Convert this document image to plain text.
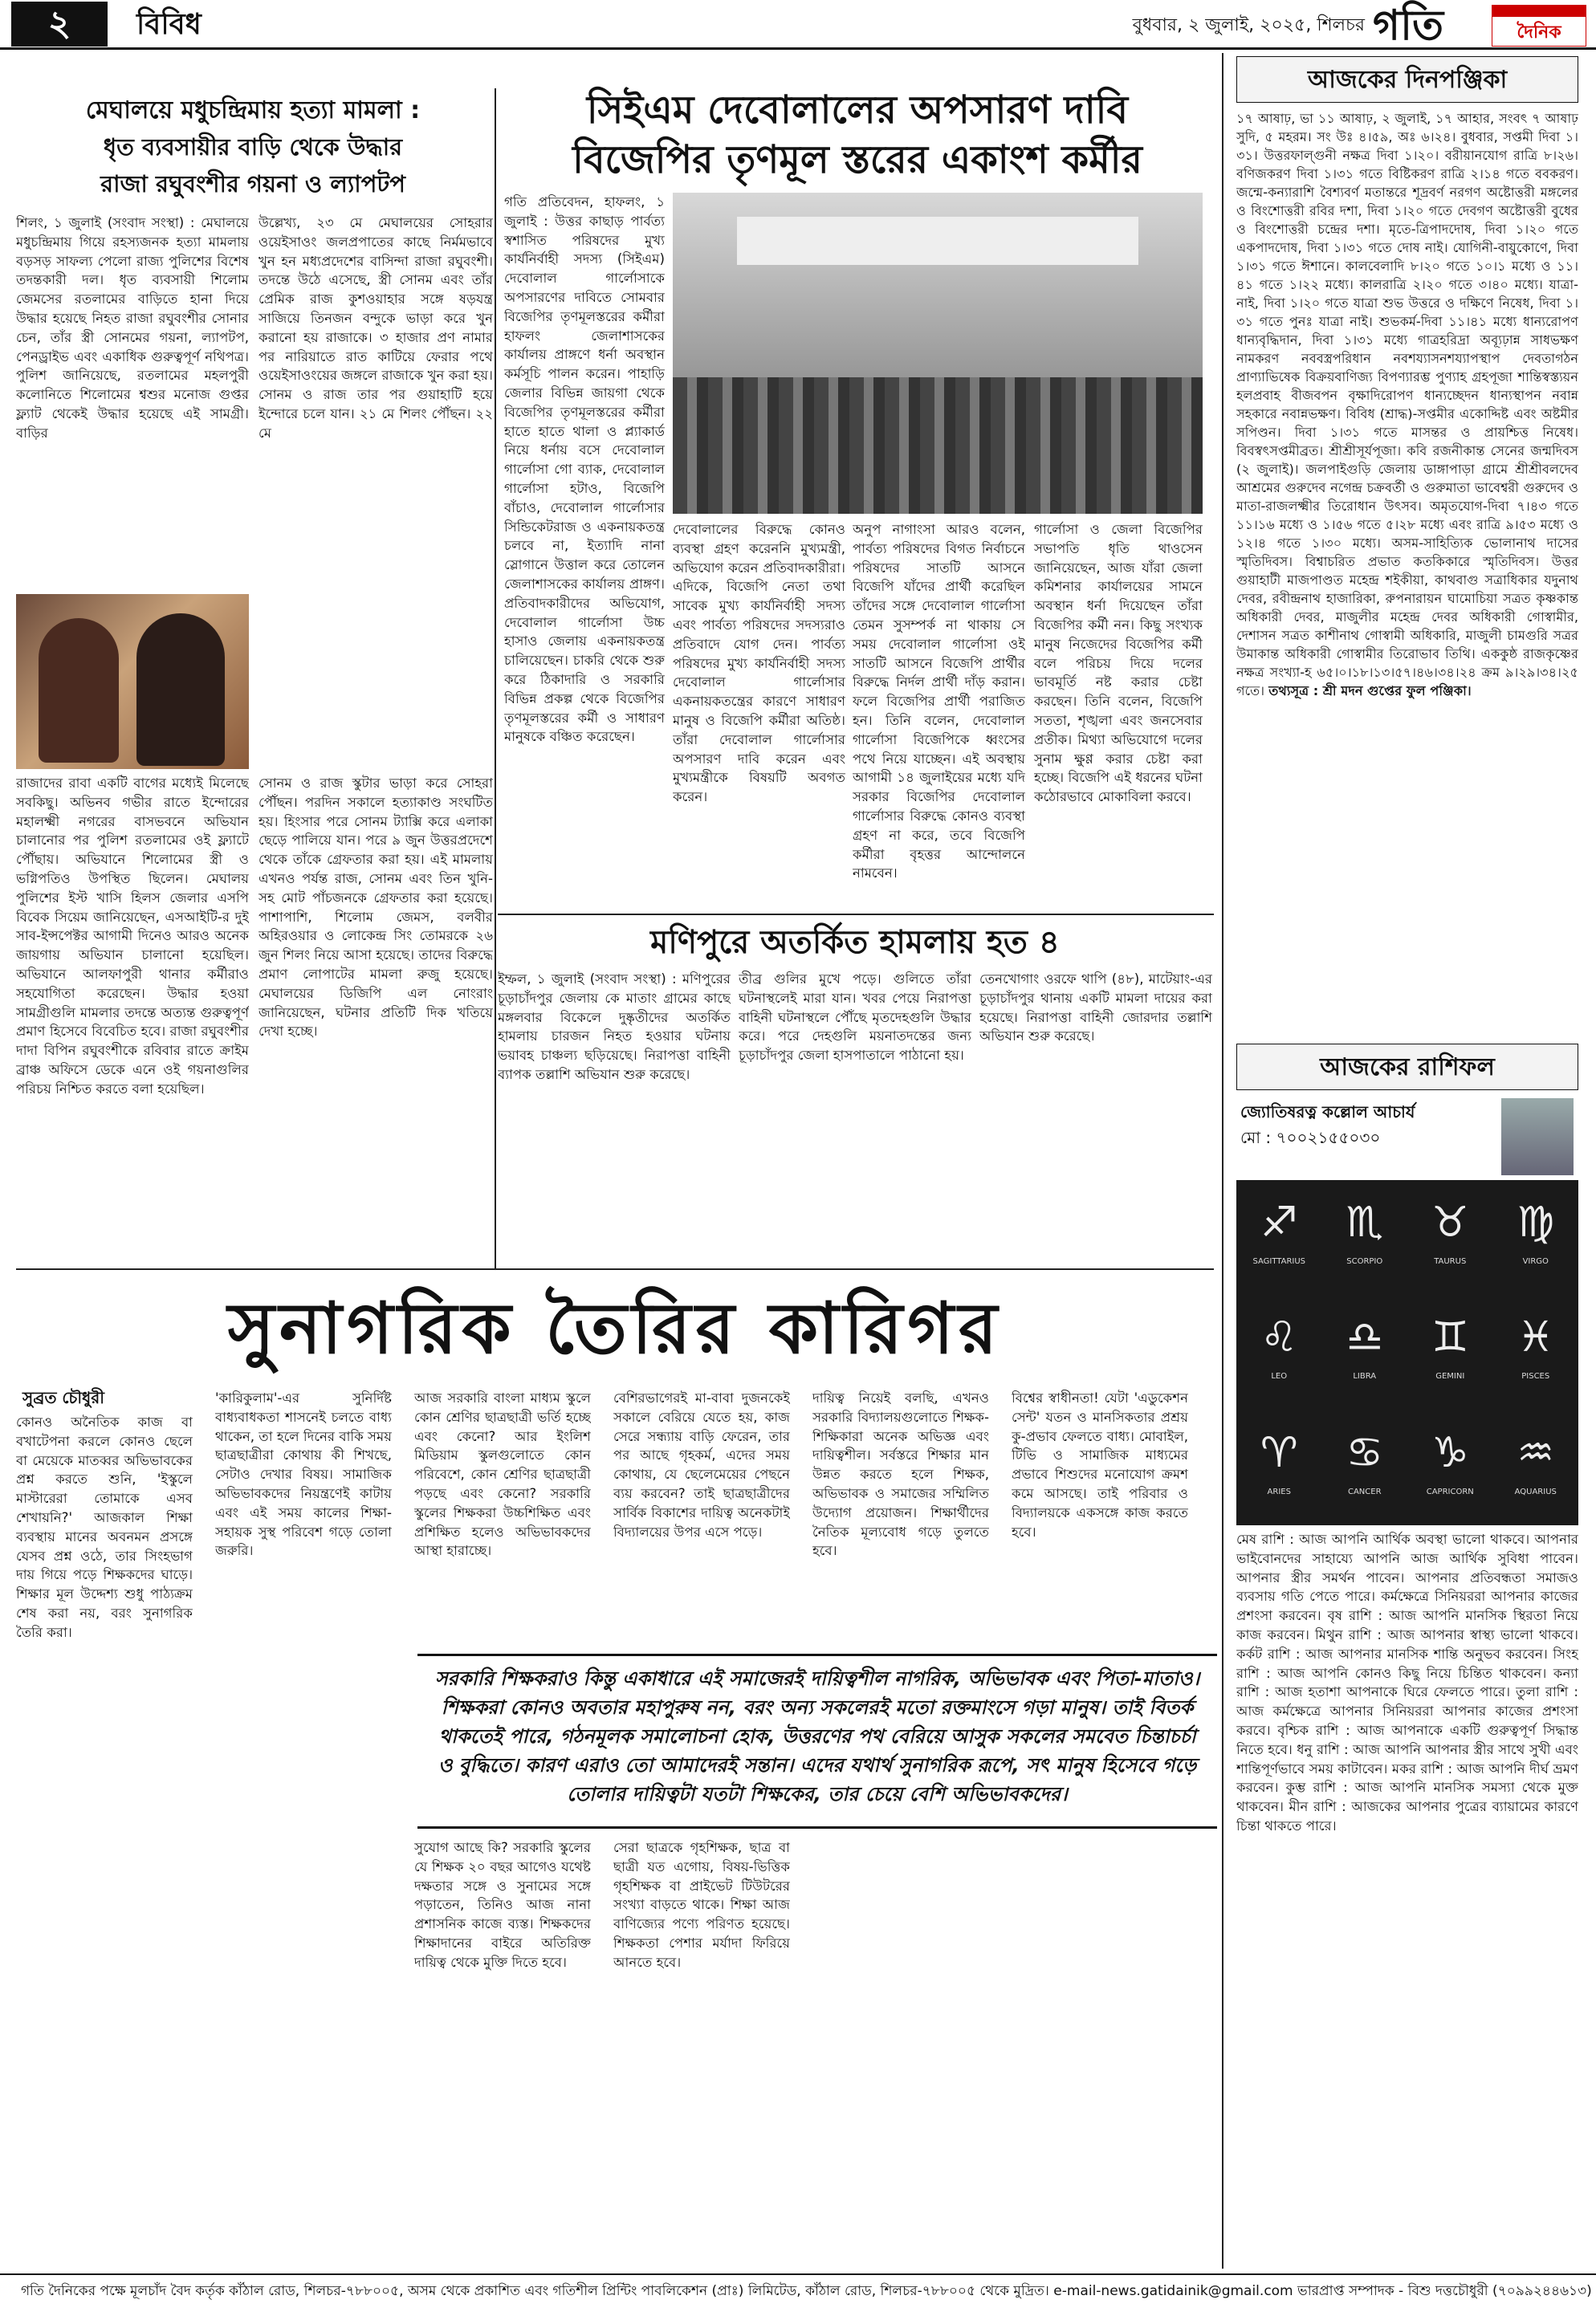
২	বিবিধ	বুধবার, ২ জুলাই, ২০২৫, শিলচর গতি	দৈনিক
মেঘালয়ে মধুচন্দ্রিমায় হত্যা মামলা :
ধৃত ব্যবসায়ীর বাড়ি থেকে উদ্ধার
রাজা রঘুবংশীর গয়না ও ল্যাপটপ
শিলং, ১ জুলাই (সংবাদ সংস্থা) : মেঘালয়ে মধুচন্দ্রিমায় গিয়ে রহস্যজনক হত্যা মামলায় বড়সড় সাফল্য পেলো রাজ্য পুলিশের বিশেষ তদন্তকারী দল। ধৃত ব্যবসায়ী শিলোম জেমসের রতলামের বাড়িতে হানা দিয়ে উদ্ধার হয়েছে নিহত রাজা রঘুবংশীর সোনার চেন, তাঁর স্ত্রী সোনমের গয়না, ল্যাপটপ, পেনড্রাইভ এবং একাধিক গুরুত্বপূর্ণ নথিপত্র। পুলিশ জানিয়েছে, রতলামের মহলপুরী কলোনিতে শিলোমের শ্বশুর মনোজ গুপ্তর ফ্ল্যাট থেকেই উদ্ধার হয়েছে এই সামগ্রী। বাড়ির
উল্লেখ্য, ২৩ মে মেঘালয়ের সোহরার ওয়েইসাওং জলপ্রপাতের কাছে নির্মমভাবে খুন হন মধ্যপ্রদেশের বাসিন্দা রাজা রঘুবংশী। তদন্তে উঠে এসেছে, স্ত্রী সোনম এবং তাঁর প্রেমিক রাজ কুশওয়াহার সঙ্গে ষড়যন্ত্র সাজিয়ে তিনজন বন্দুকে ভাড়া করে খুন করানো হয় রাজাকে। ৩ হাজার প্রণ নামার পর নারিয়াতে রাত কাটিয়ে ফেরার পথে ওয়েইসাওংয়ের জঙ্গলে রাজাকে খুন করা হয়। সোনম ও রাজ তার পর গুয়াহাটি হয়ে ইন্দোরে চলে যান। ২১ মে শিলং পৌঁছন। ২২ মে
রাজাদের রাবা একটি বাগের মধ্যেই মিলেছে সবকিছু। অভিনব গভীর রাতে ইন্দোরের মহালক্ষ্মী নগরের বাসভবনে অভিযান চালানোর পর পুলিশ রতলামের ওই ফ্ল্যাটে পৌঁছায়। অভিযানে শিলোমের স্ত্রী ও ভগ্নিপতিও উপস্থিত ছিলেন। মেঘালয় পুলিশের ইস্ট খাসি হিলস জেলার এসপি বিবেক সিয়েম জানিয়েছেন, এসআইটি-র দুই সাব-ইন্সপেক্টর আগামী দিনেও আরও অনেক জায়গায় অভিযান চালানো হয়েছিল। অভিযানে আলফাপুরী থানার কর্মীরাও সহযোগিতা করেছেন। উদ্ধার হওয়া সামগ্রীগুলি মামলার তদন্তে অত্যন্ত গুরুত্বপূর্ণ প্রমাণ হিসেবে বিবেচিত হবে। রাজা রঘুবংশীর দাদা বিপিন রঘুবংশীকে রবিবার রাতে ক্রাইম ব্রাঞ্চ অফিসে ডেকে এনে ওই গয়নাগুলির পরিচয় নিশ্চিত করতে বলা হয়েছিল।
সোনম ও রাজ স্কুটার ভাড়া করে সোহরা পৌঁছন। পরদিন সকালে হত্যাকাণ্ড সংঘটিত হয়। হিংসার পরে সোনম ট্যাক্সি করে এলাকা ছেড়ে পালিয়ে যান। পরে ৯ জুন উত্তরপ্রদেশে থেকে তাঁকে গ্রেফতার করা হয়। এই মামলায় এখনও পর্যন্ত রাজ, সোনম এবং তিন খুনি-সহ মোট পাঁচজনকে গ্রেফতার করা হয়েছে। পাশাপাশি, শিলোম জেমস, বলবীর অহিরওয়ার ও লোকেন্দ্র সিং তোমরকে ২৬ জুন শিলং নিয়ে আসা হয়েছে। তাদের বিরুদ্ধে প্রমাণ লোপাটের মামলা রুজু হয়েছে। মেঘালয়ের ডিজিপি এল নোংরাং জানিয়েছেন, ঘটনার প্রতিটি দিক খতিয়ে দেখা হচ্ছে।
সিইএম দেবোলালের অপসারণ দাবি
বিজেপির তৃণমূল স্তরের একাংশ কর্মীর
গতি প্রতিবেদন, হাফলং, ১ জুলাই : উত্তর কাছাড় পার্বত্য স্বশাসিত পরিষদের মুখ্য কার্যনির্বাহী সদস্য (সিইএম) দেবোলাল গার্লোসাকে অপসারণের দাবিতে সোমবার বিজেপির তৃণমূলস্তরের কর্মীরা হাফলং জেলাশাসকের কার্যালয় প্রাঙ্গণে ধর্না অবস্থান কর্মসূচি পালন করেন। পাহাড়ি জেলার বিভিন্ন জায়গা থেকে বিজেপির তৃণমূলস্তরের কর্মীরা হাতে হাতে থালা ও প্ল্যাকার্ড নিয়ে ধর্নায় বসে দেবোলাল গার্লোসা গো ব্যাক, দেবোলাল গার্লোসা হটাও, বিজেপি বাঁচাও, দেবোলাল গার্লোসার সিন্ডিকেটরাজ ও একনায়কতন্ত্র চলবে না, ইত্যাদি নানা স্লোগানে উত্তাল করে তোলেন জেলাশাসকের কার্যালয় প্রাঙ্গণ। প্রতিবাদকারীদের অভিযোগ, দেবোলাল গার্লোসা উচ্চ হাসাও জেলায় একনায়কতন্ত্র চালিয়েছেন। চাকরি থেকে শুরু করে ঠিকাদারি ও সরকারি বিভিন্ন প্রকল্প থেকে বিজেপির তৃণমূলস্তরের কর্মী ও সাধারণ মানুষকে বঞ্চিত করেছেন।
দেবোলালের বিরুদ্ধে কোনও ব্যবস্থা গ্রহণ করেননি মুখ্যমন্ত্রী, অভিযোগ করেন প্রতিবাদকারীরা। এদিকে, বিজেপি নেতা তথা সাবেক মুখ্য কার্যনির্বাহী সদস্য এবং পার্বত্য পরিষদের সদস্যরাও প্রতিবাদে যোগ দেন। পার্বত্য পরিষদের মুখ্য কার্যনির্বাহী সদস্য দেবোলাল গার্লোসার একনায়কতন্ত্রের কারণে সাধারণ মানুষ ও বিজেপি কর্মীরা অতিষ্ঠ। তাঁরা দেবোলাল গার্লোসার অপসারণ দাবি করেন এবং মুখ্যমন্ত্রীকে বিষয়টি অবগত করেন।
অনুপ নাগাংসা আরও বলেন, পার্বত্য পরিষদের বিগত নির্বাচনে পরিষদের সাতটি আসনে বিজেপি যাঁদের প্রার্থী করেছিল তাঁদের সঙ্গে দেবোলাল গার্লোসা তেমন সুসম্পর্ক না থাকায় সে সময় দেবোলাল গার্লোসা ওই সাতটি আসনে বিজেপি প্রার্থীর বিরুদ্ধে নির্দল প্রার্থী দাঁড় করান। ফলে বিজেপির প্রার্থী পরাজিত হন। তিনি বলেন, দেবোলাল গার্লোসা বিজেপিকে ধ্বংসের পথে নিয়ে যাচ্ছেন। এই অবস্থায় আগামী ১৪ জুলাইয়ের মধ্যে যদি সরকার বিজেপির দেবোলাল গার্লোসার বিরুদ্ধে কোনও ব্যবস্থা গ্রহণ না করে, তবে বিজেপি কর্মীরা বৃহত্তর আন্দোলনে নামবেন।
গার্লোসা ও জেলা বিজেপির সভাপতি ধৃতি থাওসেন জানিয়েছেন, আজ যাঁরা জেলা কমিশনার কার্যালয়ের সামনে অবস্থান ধর্না দিয়েছেন তাঁরা বিজেপির কর্মী নন। কিছু সংখ্যক মানুষ নিজেদের বিজেপির কর্মী বলে পরিচয় দিয়ে দলের ভাবমূর্তি নষ্ট করার চেষ্টা করছেন। তিনি বলেন, বিজেপি সততা, শৃঙ্খলা এবং জনসেবার প্রতীক। মিথ্যা অভিযোগে দলের সুনাম ক্ষুণ্ণ করার চেষ্টা করা হচ্ছে। বিজেপি এই ধরনের ঘটনা কঠোরভাবে মোকাবিলা করবে।
মণিপুরে অতর্কিত হামলায় হত ৪
ইম্ফল, ১ জুলাই (সংবাদ সংস্থা) : মণিপুরের চূড়াচাঁদপুর জেলায় কে মাতাং গ্রামের কাছে মঙ্গলবার বিকেলে দুষ্কৃতীদের অতর্কিত হামলায় চারজন নিহত হওয়ার ঘটনায় ভয়াবহ চাঞ্চল্য ছড়িয়েছে। নিরাপত্তা বাহিনী ব্যাপক তল্লাশি অভিযান শুরু করেছে।
তীব্র গুলির মুখে পড়ে। গুলিতে তাঁরা ঘটনাস্থলেই মারা যান। খবর পেয়ে নিরাপত্তা বাহিনী ঘটনাস্থলে পৌঁছে মৃতদেহগুলি উদ্ধার করে। পরে দেহগুলি ময়নাতদন্তের জন্য চূড়াচাঁদপুর জেলা হাসপাতালে পাঠানো হয়।
তেনখোগাং ওরফে থাপি (৪৮), মাটেয়াং-এর চূড়াচাঁদপুর থানায় একটি মামলা দায়ের করা হয়েছে। নিরাপত্তা বাহিনী জোরদার তল্লাশি অভিযান শুরু করেছে।
সুনাগরিক তৈরির কারিগর
সুব্রত চৌধুরী
কোনও অনৈতিক কাজ বা বখাটেপনা করলে কোনও ছেলে বা মেয়েকে মাতব্বর অভিভাবকের প্রশ্ন করতে শুনি, 'ইস্কুলে মাস্টারেরা তোমাকে এসব শেখায়নি?' আজকাল শিক্ষা ব্যবস্থায় মানের অবনমন প্রসঙ্গে যেসব প্রশ্ন ওঠে, তার সিংহভাগ দায় গিয়ে পড়ে শিক্ষকদের ঘাড়ে। শিক্ষার মূল উদ্দেশ্য শুধু পাঠ্যক্রম শেষ করা নয়, বরং সুনাগরিক তৈরি করা।
'কারিকুলাম'-এর সুনির্দিষ্ট বাধ্যবাধকতা শাসনেই চলতে বাধ্য থাকেন, তা হলে দিনের বাকি সময় ছাত্রছাত্রীরা কোথায় কী শিখছে, সেটাও দেখার বিষয়। সামাজিক অভিভাবকদের নিয়ন্ত্রণেই কাটায় এবং এই সময় কালের শিক্ষা-সহায়ক সুস্থ পরিবেশ গড়ে তোলা জরুরি।
আজ সরকারি বাংলা মাধ্যম স্কুলে কোন শ্রেণির ছাত্রছাত্রী ভর্তি হচ্ছে এবং কেনো? আর ইংলিশ মিডিয়াম স্কুলগুলোতে কোন পরিবেশে, কোন শ্রেণির ছাত্রছাত্রী পড়ছে এবং কেনো? সরকারি স্কুলের শিক্ষকরা উচ্চশিক্ষিত এবং প্রশিক্ষিত হলেও অভিভাবকদের আস্থা হারাচ্ছে।
বেশিরভাগেরই মা-বাবা দুজনকেই সকালে বেরিয়ে যেতে হয়, কাজ সেরে সন্ধ্যায় বাড়ি ফেরেন, তার পর আছে গৃহকর্ম, এদের সময় কোথায়, যে ছেলেমেয়ের পেছনে ব্যয় করবেন? তাই ছাত্রছাত্রীদের সার্বিক বিকাশের দায়িত্ব অনেকটাই বিদ্যালয়ের উপর এসে পড়ে।
দায়িত্ব নিয়েই বলছি, এখনও সরকারি বিদ্যালয়গুলোতে শিক্ষক-শিক্ষিকারা অনেক অভিজ্ঞ এবং দায়িত্বশীল। সর্বস্তরে শিক্ষার মান উন্নত করতে হলে শিক্ষক, অভিভাবক ও সমাজের সম্মিলিত উদ্যোগ প্রয়োজন। শিক্ষার্থীদের নৈতিক মূল্যবোধ গড়ে তুলতে হবে।
বিশ্বের স্বাধীনতা! যেটা 'এডুকেশন সেন্ট' যতন ও মানসিকতার প্রশ্রয় কু-প্রভাব ফেলতে বাধ্য। মোবাইল, টিভি ও সামাজিক মাধ্যমের প্রভাবে শিশুদের মনোযোগ ক্রমশ কমে আসছে। তাই পরিবার ও বিদ্যালয়কে একসঙ্গে কাজ করতে হবে।
সরকারি শিক্ষকরাও কিন্তু একাধারে এই সমাজেরই দায়িত্বশীল নাগরিক, অভিভাবক এবং পিতা-মাতাও। শিক্ষকরা কোনও অবতার মহাপুরুষ নন, বরং অন্য সকলেরই মতো রক্তমাংসে গড়া মানুষ। তাই বিতর্ক থাকতেই পারে, গঠনমূলক সমালোচনা হোক, উত্তরণের পথ বেরিয়ে আসুক সকলের সমবেত চিন্তাচর্চা ও বুদ্ধিতে। কারণ এরাও তো আমাদেরই সন্তান। এদের যথার্থ সুনাগরিক রূপে, সৎ মানুষ হিসেবে গড়ে তোলার দায়িত্বটা যতটা শিক্ষকের, তার চেয়ে বেশি অভিভাবকদের।
সুযোগ আছে কি? সরকারি স্কুলের যে শিক্ষক ২০ বছর আগেও যথেষ্ট দক্ষতার সঙ্গে ও সুনামের সঙ্গে পড়াতেন, তিনিও আজ নানা প্রশাসনিক কাজে ব্যস্ত। শিক্ষকদের শিক্ষাদানের বাইরে অতিরিক্ত দায়িত্ব থেকে মুক্তি দিতে হবে।
সেরা ছাত্রকে গৃহশিক্ষক, ছাত্র বা ছাত্রী যত এগোয়, বিষয়-ভিত্তিক গৃহশিক্ষক বা প্রাইভেট টিউটরের সংখ্যা বাড়তে থাকে। শিক্ষা আজ বাণিজ্যের পণ্যে পরিণত হয়েছে। শিক্ষকতা পেশার মর্যাদা ফিরিয়ে আনতে হবে।
আজকের দিনপঞ্জিকা
১৭ আষাঢ়, ভা ১১ আষাঢ়, ২ জুলাই, ১৭ আহার, সংবৎ ৭ আষাঢ় সুদি, ৫ মহরম। সং উঃ ৪।৫৯, অঃ ৬।২৪। বুধবার, সপ্তমী দিবা ১।৩১। উত্তরফাল্গুনী নক্ষত্র দিবা ১।২০। বরীয়ানযোগ রাত্রি ৮।২৬। বণিজকরণ দিবা ১।৩১ গতে বিষ্টিকরণ রাত্রি ২।১৪ গতে ববকরণ। জন্মে-কন্যারাশি বৈশ্যবর্ণ মতান্তরে শূদ্রবর্ণ নরগণ অষ্টোত্তরী মঙ্গলের ও বিংশোত্তরী রবির দশা, দিবা ১।২০ গতে দেবগণ অষ্টোত্তরী বুধের ও বিংশোত্তরী চন্দ্রের দশা। মৃতে-ত্রিপাদদোষ, দিবা ১।২০ গতে একপাদদোষ, দিবা ১।৩১ গতে দোষ নাই। যোগিনী-বায়ুকোণে, দিবা ১।৩১ গতে ঈশানে। কালবেলাদি ৮।২০ গতে ১০।১ মধ্যে ও ১১।৪১ গতে ১।২২ মধ্যে। কালরাত্রি ২।২০ গতে ৩।৪০ মধ্যে। যাত্রা-নাই, দিবা ১।২০ গতে যাত্রা শুভ উত্তরে ও দক্ষিণে নিষেধ, দিবা ১।৩১ গতে পুনঃ যাত্রা নাই। শুভকর্ম-দিবা ১১।৪১ মধ্যে ধান্যরোপণ ধান্যবৃদ্ধিদান, দিবা ১।৩১ মধ্যে গাত্রহরিদ্রা অব্যূঢ়ান্ন সাধভক্ষণ নামকরণ নববস্ত্রপরিধান নবশয্যাসনশয্যাপস্থাপ দেবতাগঠন প্রাণ্যাভিষেক বিক্রয়বাণিজ্য বিপণ্যারম্ভ পুণ্যাহ গ্রহপূজা শান্তিস্বস্ত্যয়ন হলপ্রবাহ বীজবপন বৃক্ষাদিরোপণ ধান্যচ্ছেদন ধান্যস্থাপন নবান্ন সহকারে নবান্নভক্ষণ। বিবিধ (শ্রাদ্ধ)-সপ্তমীর একোদ্দিষ্ট এবং অষ্টমীর সপিণ্ডন। দিবা ১।৩১ গতে মাসন্তর ও প্রায়শ্চিত্ত নিষেধ। বিবস্বৎসপ্তমীব্রত। শ্রীশ্রীসূর্যপূজা। কবি রজনীকান্ত সেনের জন্মদিবস (২ জুলাই)। জলপাইগুড়ি জেলায় ডাঙ্গাপাড়া গ্রামে শ্রীশ্রীবলদেব আশ্রমের গুরুদেব নগেন্দ্র চক্রবর্তী ও গুরুমাতা ভাবেশ্বরী গুরুদেব ও মাতা-রাজলক্ষ্মীর তিরোধান উৎসব। অমৃতযোগ-দিবা ৭।৪৩ গতে ১১।১৬ মধ্যে ও ১।৫৬ গতে ৫।২৮ মধ্যে এবং রাত্রি ৯।৫৩ মধ্যে ও ১২।৪ গতে ১।৩০ মধ্যে। অসম-সাহিত্যিক ভোলানাথ দাসের স্মৃতিদিবস। বিশ্বাচরিত প্রভাত কতকিকারে স্মৃতিদিবস। উত্তর গুয়াহাটী মাজপাণ্ডত মহেন্দ্র শইকীয়া, কাথবাগু সত্রাধিকার যদুনাথ দেবর, রবীন্দ্রনাথ হাজারিকা, রুপনারায়ন ঘামোচিয়া সত্রত কৃষ্ণকান্ত অধিকারী দেবর, মাজুলীর মহেন্দ্র দেবর অধিকারী গোস্বামীর, দেশাসন সত্রত কাশীনাথ গোস্বামী অধিকারি, মাজুলী চামগুরি সত্রর উমাকান্ত অধিকারী গোস্বামীর তিরোভাব তিথি। এককুষ্ঠ রাজকৃষ্ণের নক্ষত্র সংখ্যা-হ ৬৫।০।১৮।১৩।৫৭।৪৬।৩৪।২৪ ক্রম ৯।২৯।৩৪।২৫ গতে। তথ্যসূত্র : শ্রী মদন গুপ্তের ফুল পঞ্জিকা।
আজকের রাশিফল
জ্যোতিষরত্ন কল্লোল আচার্য
মো : ৭০০২১৫৫০৩০
♐
SAGITTARIUS
♏
SCORPIO
♉
TAURUS
♍
VIRGO
♌
LEO
♎
LIBRA
♊
GEMINI
♓
PISCES
♈
ARIES
♋
CANCER
♑
CAPRICORN
♒
AQUARIUS
মেষ রাশি : আজ আপনি আর্থিক অবস্থা ভালো থাকবে। আপনার ভাইবোনদের সাহায্যে আপনি আজ আর্থিক সুবিধা পাবেন। আপনার স্ত্রীর সমর্থন পাবেন। আপনার প্রতিবন্ধতা সমাজও ব্যবসায় গতি পেতে পারে। কর্মক্ষেত্রে সিনিয়ররা আপনার কাজের প্রশংসা করবেন। বৃষ রাশি : আজ আপনি মানসিক স্থিরতা নিয়ে কাজ করবেন। মিথুন রাশি : আজ আপনার স্বাস্থ্য ভালো থাকবে। কর্কট রাশি : আজ আপনার মানসিক শান্তি অনুভব করবেন। সিংহ রাশি : আজ আপনি কোনও কিছু নিয়ে চিন্তিত থাকবেন। কন্যা রাশি : আজ হতাশা আপনাকে ঘিরে ফেলতে পারে। তুলা রাশি : আজ কর্মক্ষেত্রে আপনার সিনিয়ররা আপনার কাজের প্রশংসা করবে। বৃশ্চিক রাশি : আজ আপনাকে একটি গুরুত্বপূর্ণ সিদ্ধান্ত নিতে হবে। ধনু রাশি : আজ আপনি আপনার স্ত্রীর সাথে সুখী এবং শান্তিপূর্ণভাবে সময় কাটাবেন। মকর রাশি : আজ আপনি দীর্ঘ ভ্রমণ করবেন। কুম্ভ রাশি : আজ আপনি মানসিক সমস্যা থেকে মুক্ত থাকবেন। মীন রাশি : আজকের আপনার পুত্রের ব্যায়ামের কারণে চিন্তা থাকতে পারে।
গতি দৈনিকের পক্ষে মূলচাঁদ বৈদ কর্তৃক কাঁঠাল রোড, শিলচর-৭৮৮০০৫, অসম থেকে প্রকাশিত এবং গতিশীল প্রিন্টিং পাবলিকেশন (প্রাঃ) লিমিটেড, কাঁঠাল রোড, শিলচর-৭৮৮০০৫ থেকে মুদ্রিত। e-mail-news.gatidainik@gmail.com ভারপ্রাপ্ত সম্পাদক - বিশু দত্তচৌধুরী (৭০৯৯২৪৪৬১৩)
